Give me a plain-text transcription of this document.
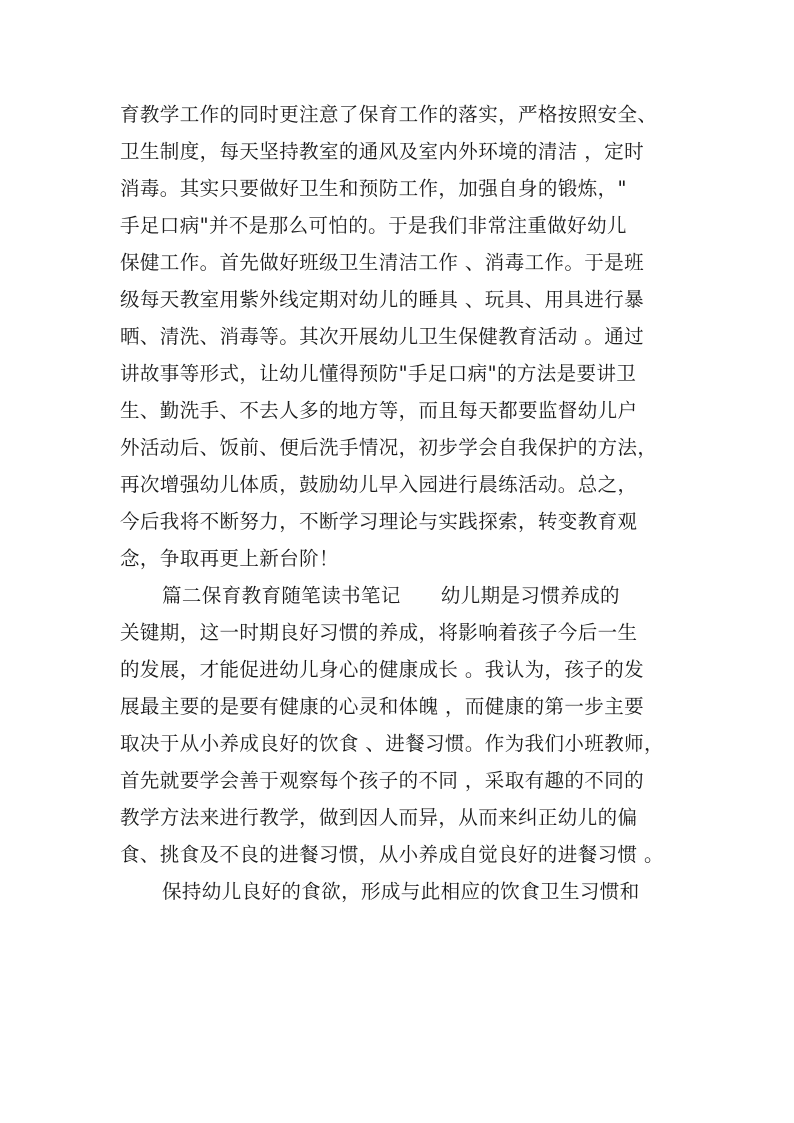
育教学工作的同时更注意了保育工作的落实，严格按照安全、
卫生制度，每天坚持教室的通风及室内外环境的清洁 ，定时
消毒。其实只要做好卫生和预防工作，加强自身的锻炼，"
手足口病"并不是那么可怕的。于是我们非常注重做好幼儿
保健工作。首先做好班级卫生清洁工作 、消毒工作。于是班
级每天教室用紫外线定期对幼儿的睡具 、玩具、用具进行暴
晒、清洗、消毒等。其次开展幼儿卫生保健教育活动 。通过
讲故事等形式，让幼儿懂得预防"手足口病"的方法是要讲卫
生、勤洗手、不去人多的地方等，而且每天都要监督幼儿户
外活动后、饭前、便后洗手情况，初步学会自我保护的方法，
再次增强幼儿体质，鼓励幼儿早入园进行晨练活动。总之，
今后我将不断努力，不断学习理论与实践探索，转变教育观
念，争取再更上新台阶！
篇二保育教育随笔读书笔记 幼儿期是习惯养成的
关键期，这一时期良好习惯的养成，将影响着孩子今后一生
的发展，才能促进幼儿身心的健康成长 。我认为，孩子的发
展最主要的是要有健康的心灵和体魄 ，而健康的第一步主要
取决于从小养成良好的饮食 、进餐习惯。作为我们小班教师，
首先就要学会善于观察每个孩子的不同 ，采取有趣的不同的
教学方法来进行教学，做到因人而异，从而来纠正幼儿的偏
食、挑食及不良的进餐习惯，从小养成自觉良好的进餐习惯 。
保持幼儿良好的食欲，形成与此相应的饮食卫生习惯和
